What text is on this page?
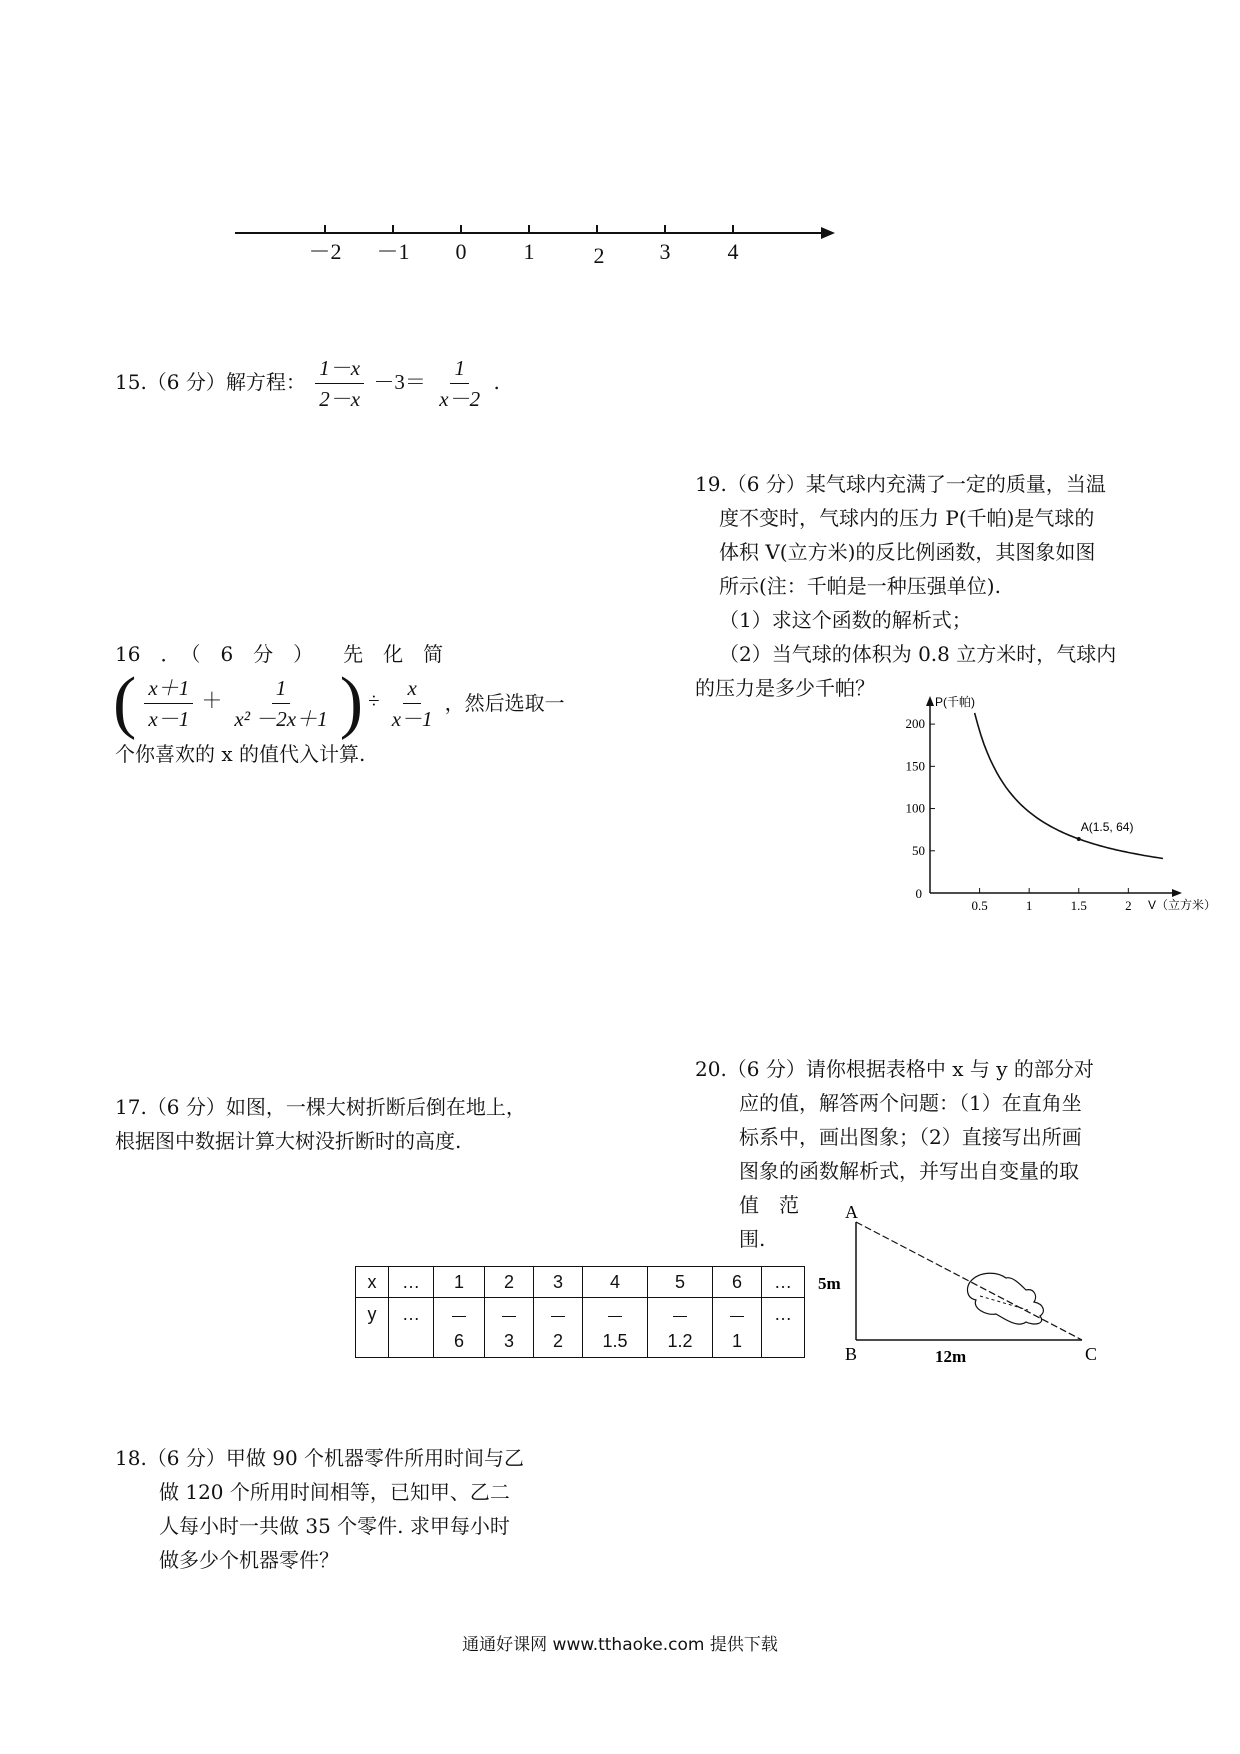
－2 －1 0	1	2	3	4
15.（6 分）解方程： $\frac{1-x}{2-x} -3= \frac{1}{x-2}$ .
16　．　（　6　分　）　　先　化　简
( $\frac{x+1}{x-1} + \frac{1}{\text{x² －2x＋1}}$ ) ÷ $\frac{x}{x-1}$ ，然后选取一
个你喜欢的 x 的值代入计算.
17.（6 分）如图，一棵大树折断后倒在地上，
根据图中数据计算大树没折断时的高度.
18.（6 分）甲做 90 个机器零件所用时间与乙
做 120 个所用时间相等，已知甲、乙二
人每小时一共做 35 个零件. 求甲每小时
做多少个机器零件？
19.（6 分）某气球内充满了一定的质量，当温
度不变时，气球内的压力 P(千帕)是气球的
体积 V(立方米)的反比例函数，其图象如图
所示(注：千帕是一种压强单位).
（1）求这个函数的解析式；
（2）当气球的体积为 0.8 立方米时，气球内
的压力是多少千帕？
P(千帕)
V（立方米）
0
0.5	1	1.5	2
50
100
150
200
A(1.5, 64)
20.（6 分）请你根据表格中 x 与 y 的部分对
应的值，解答两个问题：（1）在直角坐
标系中，画出图象；（2）直接写出所画
图象的函数解析式，并写出自变量的取
值　范
围.
x	…	1	2	3	4	5	6	…
y	…	6	3	2	1.5	1.2	1	…
A
B	C
5m
12m
通通好课网 www.tthaoke.com 提供下载
